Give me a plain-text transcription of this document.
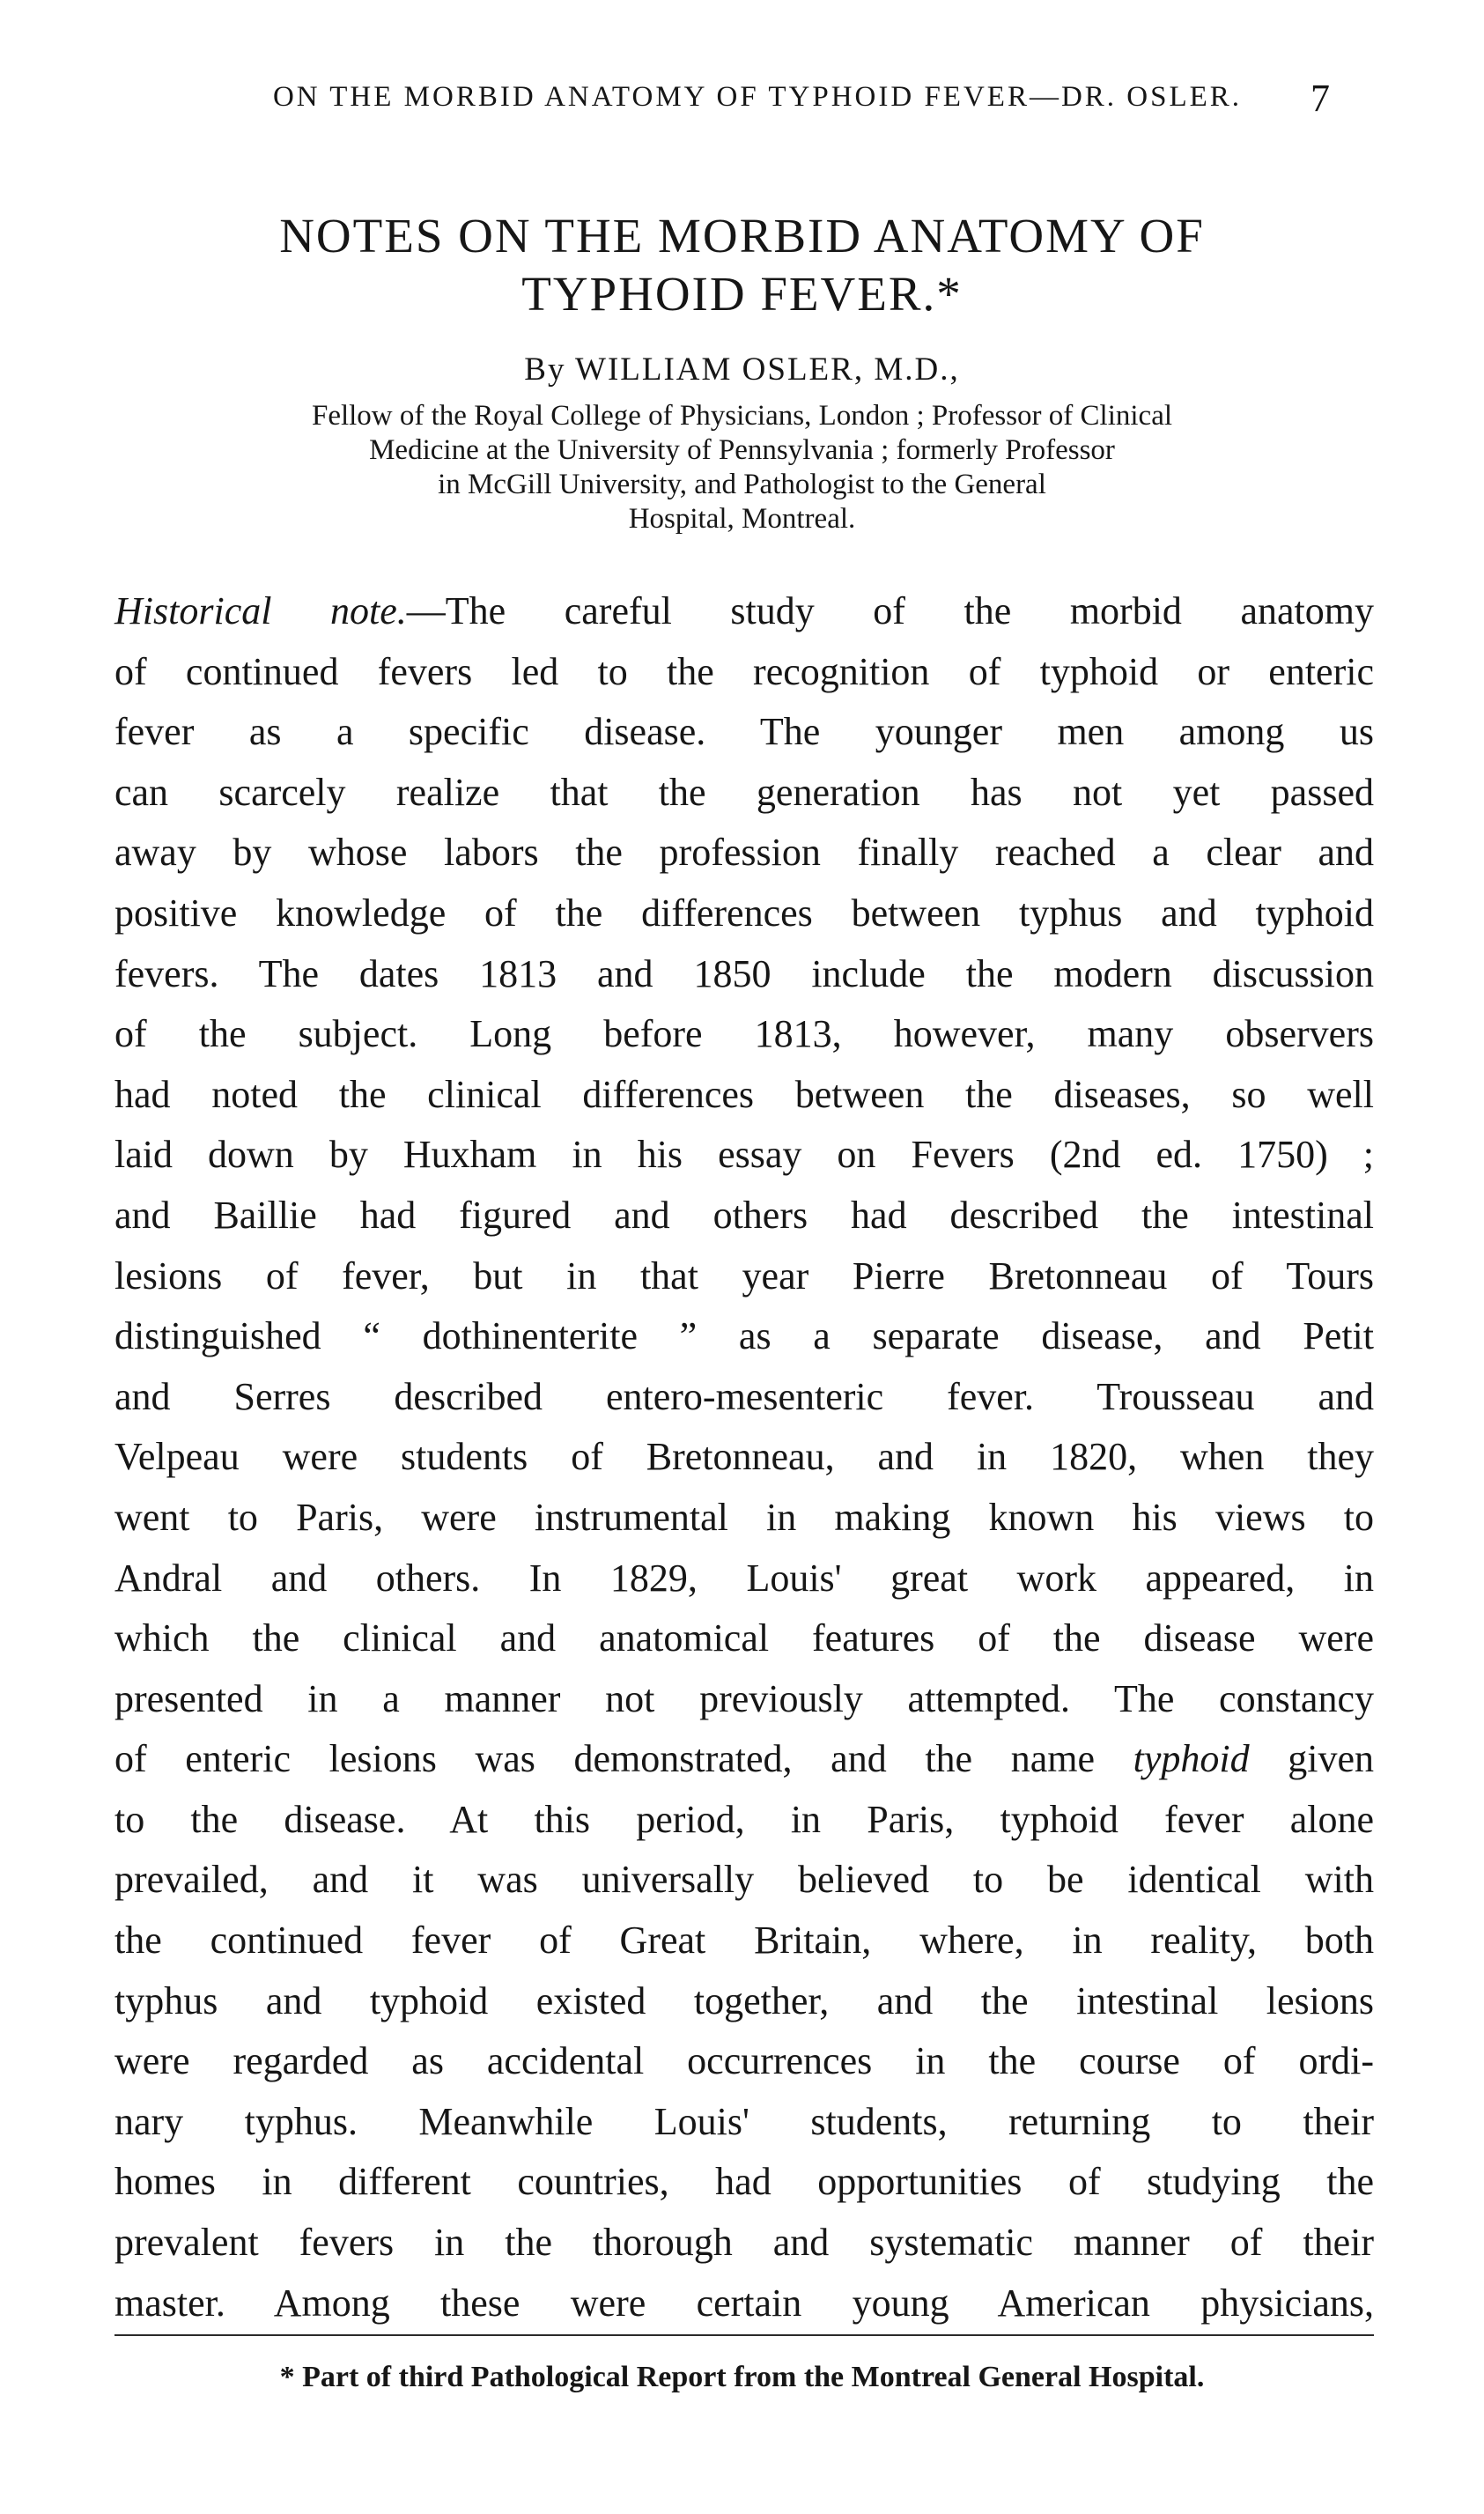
ON THE MORBID ANATOMY OF TYPHOID FEVER—DR. OSLER.	7
NOTES ON THE MORBID ANATOMY OF
TYPHOID FEVER.*
By WILLIAM OSLER, M.D.,
Fellow of the Royal College of Physicians, London ; Professor of Clinical
Medicine at the University of Pennsylvania ; formerly Professor
in McGill University, and Pathologist to the General
Hospital, Montreal.
Historical note.—The careful study of the morbid anatomy
of continued fevers led to the recognition of typhoid or enteric
fever as a specific disease. The younger men among us
can scarcely realize that the generation has not yet passed
away by whose labors the profession finally reached a clear and
positive knowledge of the differences between typhus and typhoid
fevers. The dates 1813 and 1850 include the modern discussion
of the subject. Long before 1813, however, many observers
had noted the clinical differences between the diseases, so well
laid down by Huxham in his essay on Fevers (2nd ed. 1750) ;
and Baillie had figured and others had described the intestinal
lesions of fever, but in that year Pierre Bretonneau of Tours
distinguished “ dothinenterite ” as a separate disease, and Petit
and Serres described entero-mesenteric fever. Trousseau and
Velpeau were students of Bretonneau, and in 1820, when they
went to Paris, were instrumental in making known his views to
Andral and others. In 1829, Louis' great work appeared, in
which the clinical and anatomical features of the disease were
presented in a manner not previously attempted. The constancy
of enteric lesions was demonstrated, and the name typhoid given
to the disease. At this period, in Paris, typhoid fever alone
prevailed, and it was universally believed to be identical with
the continued fever of Great Britain, where, in reality, both
typhus and typhoid existed together, and the intestinal lesions
were regarded as accidental occurrences in the course of ordi-
nary typhus. Meanwhile Louis' students, returning to their
homes in different countries, had opportunities of studying the
prevalent fevers in the thorough and systematic manner of their
master. Among these were certain young American physicians,
* Part of third Pathological Report from the Montreal General Hospital.
